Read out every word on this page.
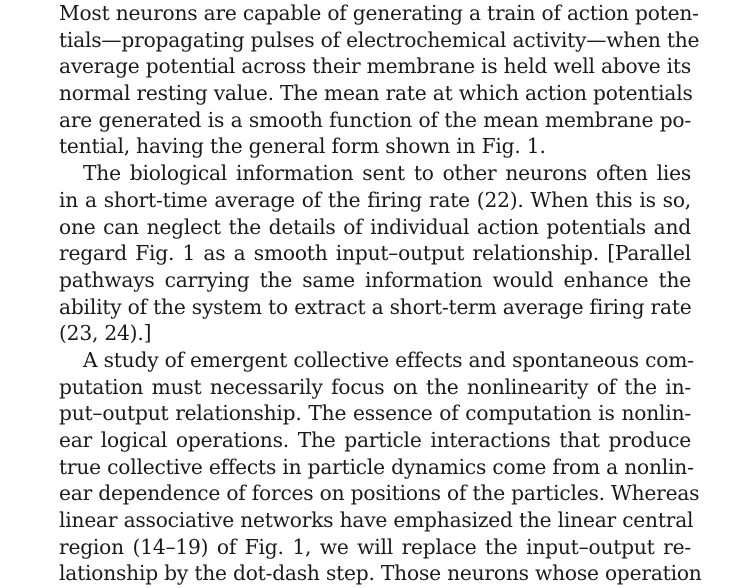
Most neurons are capable of generating a train of action poten-
tials—propagating pulses of electrochemical activity—when the
average potential across their membrane is held well above its
normal resting value. The mean rate at which action potentials
are generated is a smooth function of the mean membrane po-
tential, having the general form shown in Fig. 1.
The biological information sent to other neurons often lies
in a short-time average of the firing rate (22). When this is so,
one can neglect the details of individual action potentials and
regard Fig. 1 as a smooth input–output relationship. [Parallel
pathways carrying the same information would enhance the
ability of the system to extract a short-term average firing rate
(23, 24).]
A study of emergent collective effects and spontaneous com-
putation must necessarily focus on the nonlinearity of the in-
put–output relationship. The essence of computation is nonlin-
ear logical operations. The particle interactions that produce
true collective effects in particle dynamics come from a nonlin-
ear dependence of forces on positions of the particles. Whereas
linear associative networks have emphasized the linear central
region (14–19) of Fig. 1, we will replace the input–output re-
lationship by the dot-dash step. Those neurons whose operation
